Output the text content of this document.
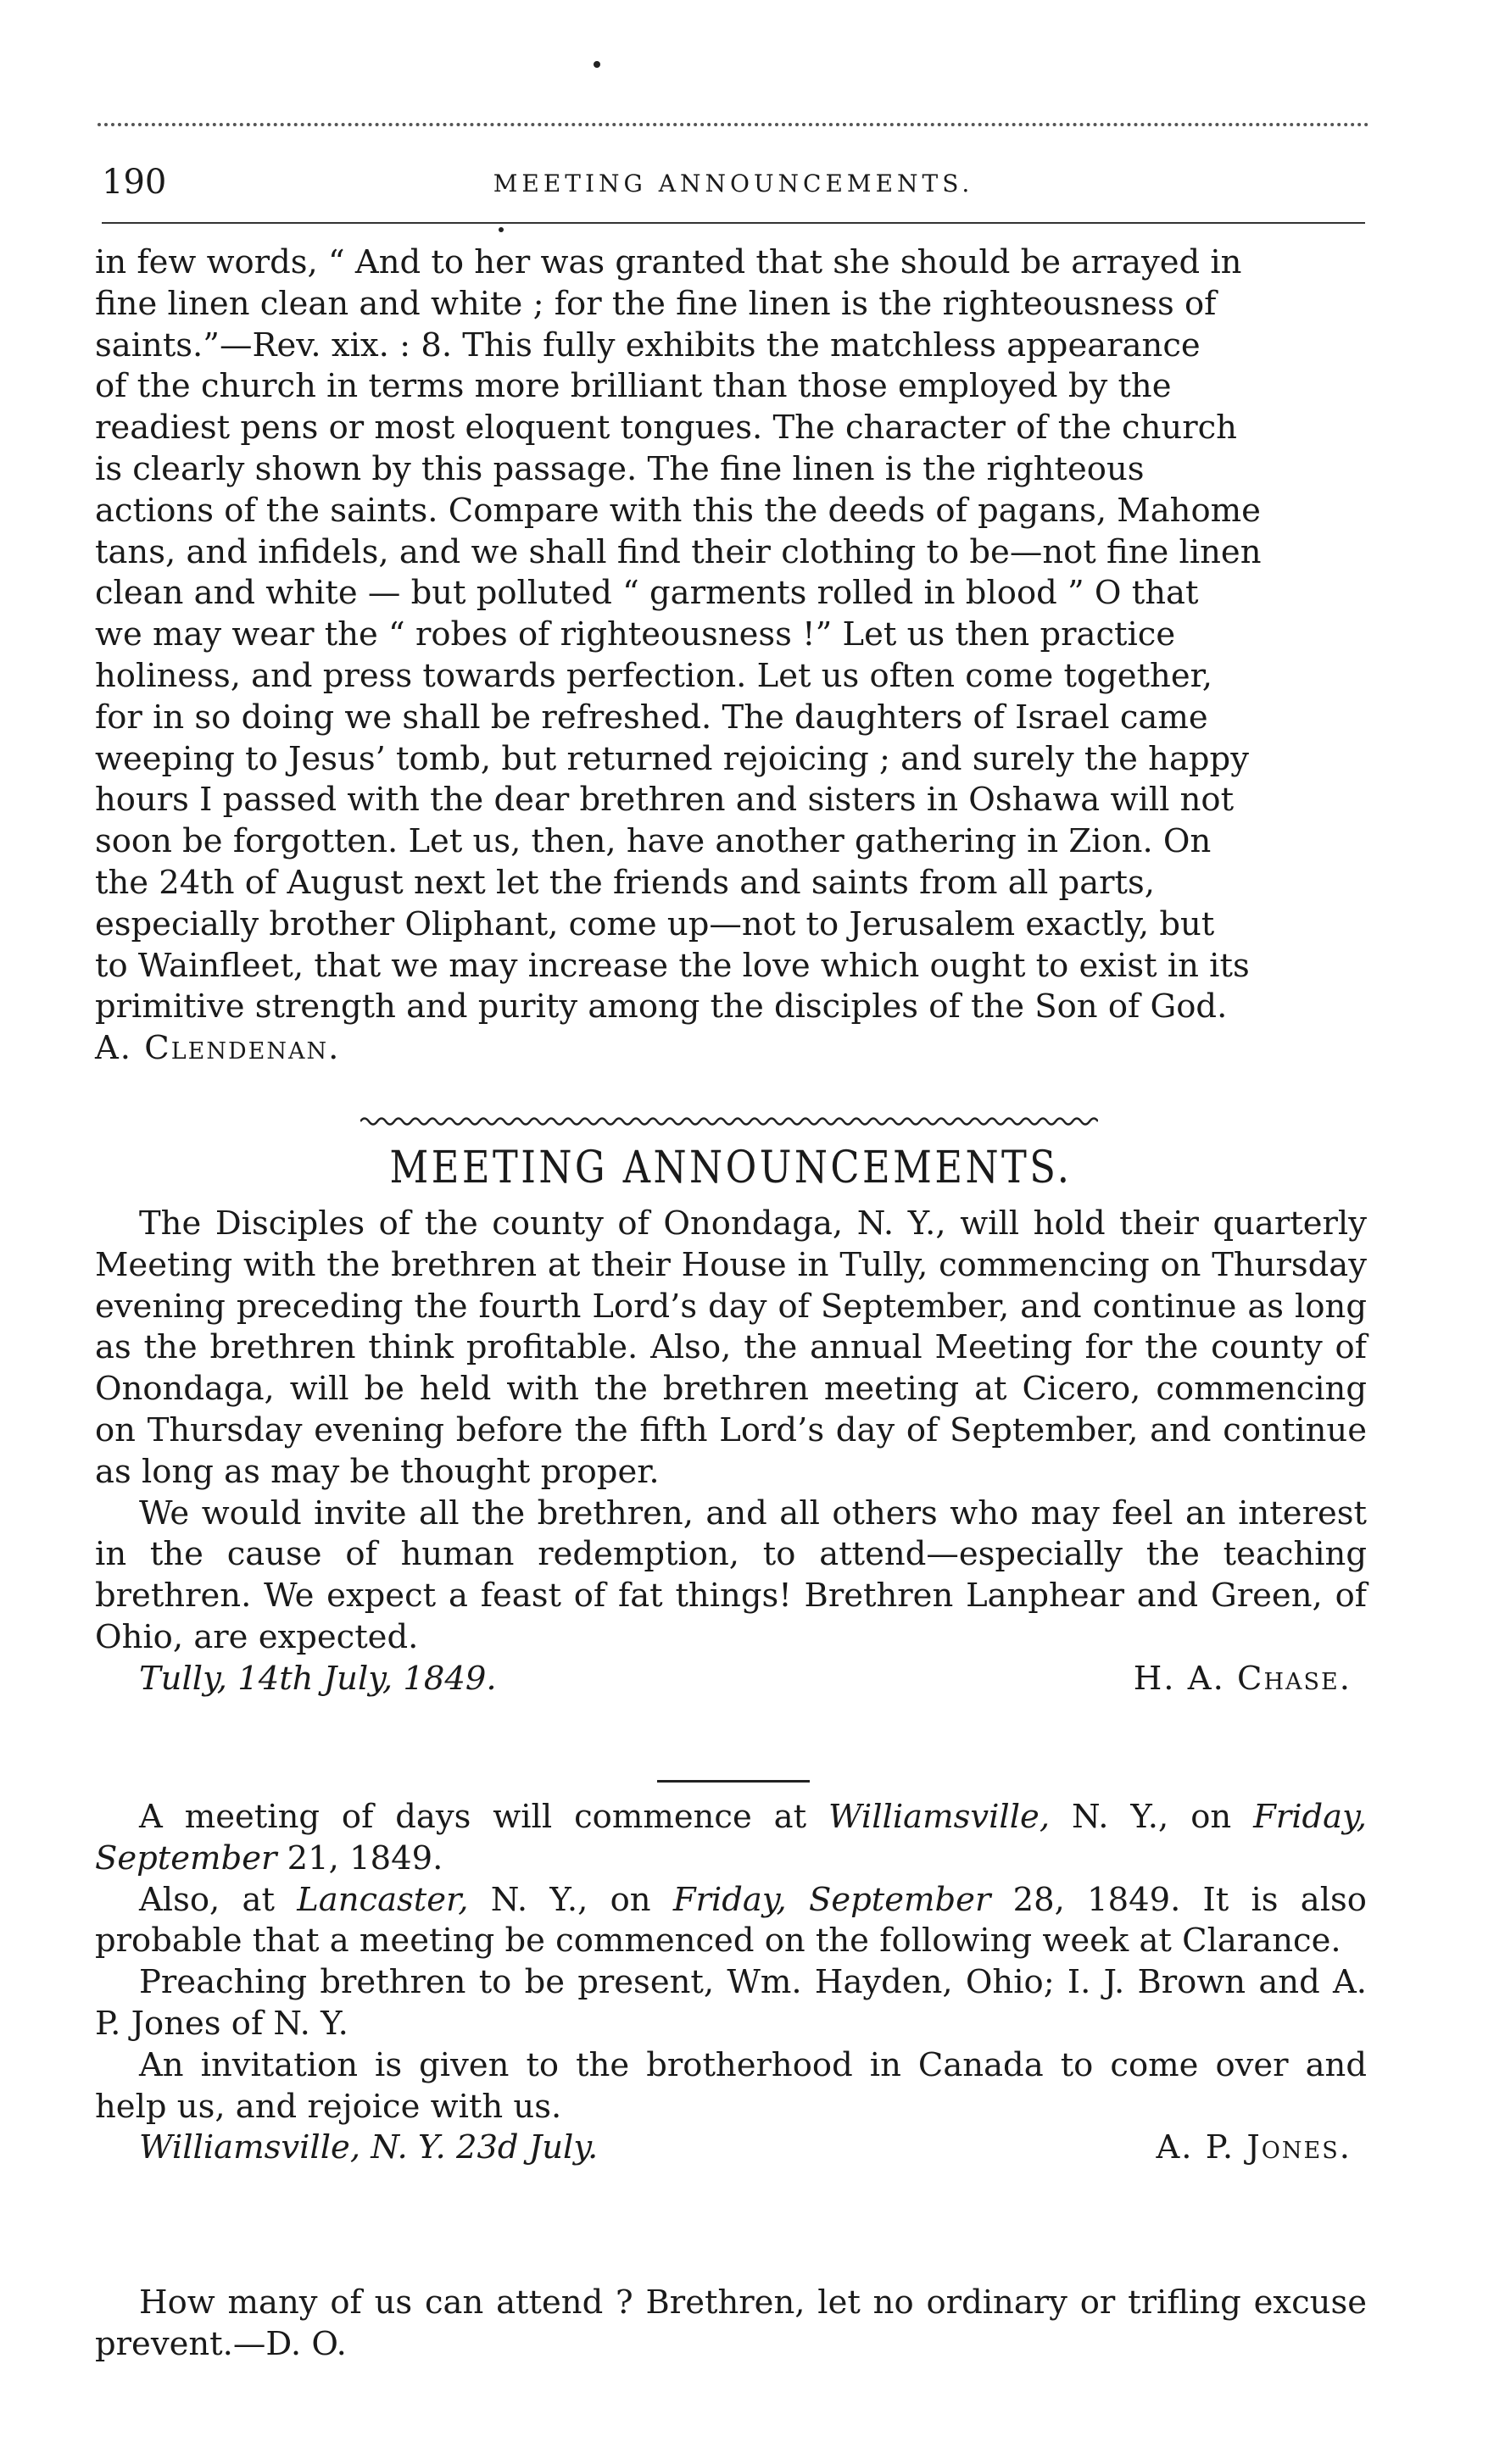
190	MEETING ANNOUNCEMENTS.

in few words, “ And to her was granted that she should be arrayed in

fine linen clean and white ; for the fine linen is the righteousness of

saints.”—Rev. xix. : 8. This fully exhibits the matchless appearance

of the church in terms more brilliant than those employed by the

readiest pens or most eloquent tongues. The character of the church

is clearly shown by this passage. The fine linen is the righteous

actions of the saints. Compare with this the deeds of pagans, Mahome

tans, and infidels, and we shall find their clothing to be—not fine linen

clean and white — but polluted “ garments rolled in blood ” O that

we may wear the “ robes of righteousness !” Let us then practice

holiness, and press towards perfection. Let us often come together,

for in so doing we shall be refreshed. The daughters of Israel came

weeping to Jesus’ tomb, but returned rejoicing ; and surely the happy

hours I passed with the dear brethren and sisters in Oshawa will not

soon be forgotten. Let us, then, have another gathering in Zion. On

the 24th of August next let the friends and saints from all parts,

especially brother Oliphant, come up—not to Jerusalem exactly, but

to Wainfleet, that we may increase the love which ought to exist in its

primitive strength and purity among the disciples of the Son of God.

A. Clendenan.

MEETING ANNOUNCEMENTS.

The Disciples of the county of Onondaga, N. Y., will hold their quarterly Meeting with the brethren at their House in Tully, commencing on Thursday evening preceding the fourth Lord’s day of September, and continue as long as the brethren think profitable. Also, the annual Meeting for the county of Onondaga, will be held with the brethren meeting at Cicero, commencing on Thursday evening before the fifth Lord’s day of September, and continue as long as may be thought proper.

We would invite all the brethren, and all others who may feel an interest in the cause of human redemption, to attend—especially the teaching brethren. We expect a feast of fat things! Brethren Lanphear and Green, of Ohio, are expected.

Tully, 14th July, 1849.	H. A. Chase.

A meeting of days will commence at Williamsville, N. Y., on Friday, September 21, 1849.

Also, at Lancaster, N. Y., on Friday, September 28, 1849. It is also probable that a meeting be commenced on the following week at Clarance.

Preaching brethren to be present, Wm. Hayden, Ohio; I. J. Brown and A. P. Jones of N. Y.

An invitation is given to the brotherhood in Canada to come over and help us, and rejoice with us.

Williamsville, N. Y. 23d July.	A. P. Jones.

How many of us can attend ? Brethren, let no ordinary or trifling excuse prevent.—D. O.
